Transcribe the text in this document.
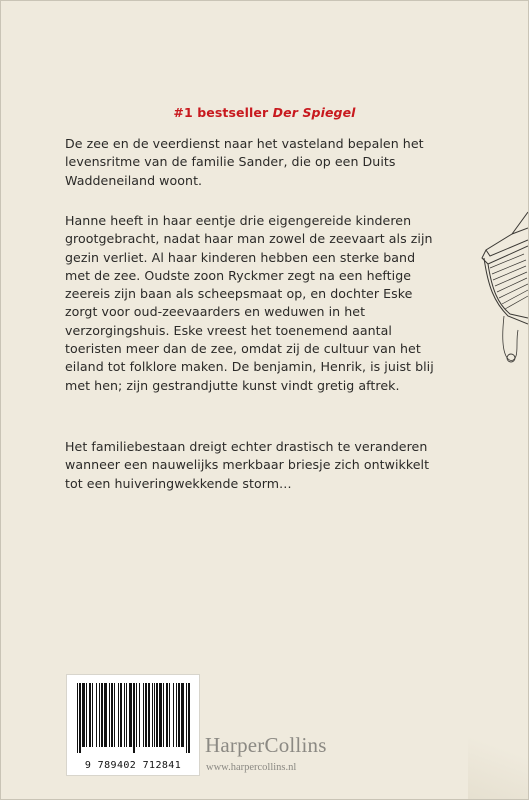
#1 bestseller Der Spiegel

De zee en de veerdienst naar het vasteland bepalen het
levensritme van de familie Sander, die op een Duits
Waddeneiland woont.

Hanne heeft in haar eentje drie eigengereide kinderen
grootgebracht, nadat haar man zowel de zeevaart als zijn
gezin verliet. Al haar kinderen hebben een sterke band
met de zee. Oudste zoon Ryckmer zegt na een heftige
zeereis zijn baan als scheepsmaat op, en dochter Eske
zorgt voor oud-zeevaarders en weduwen in het
verzorgingshuis. Eske vreest het toenemend aantal
toeristen meer dan de zee, omdat zij de cultuur van het
eiland tot folklore maken. De benjamin, Henrik, is juist blij
met hen; zijn gestrandjutte kunst vindt gretig aftrek.

Het familiebestaan dreigt echter drastisch te veranderen
wanneer een nauwelijks merkbaar briesje zich ontwikkelt
tot een huiveringwekkende storm…

9 789402 712841
HarperCollins
www.harpercollins.nl
